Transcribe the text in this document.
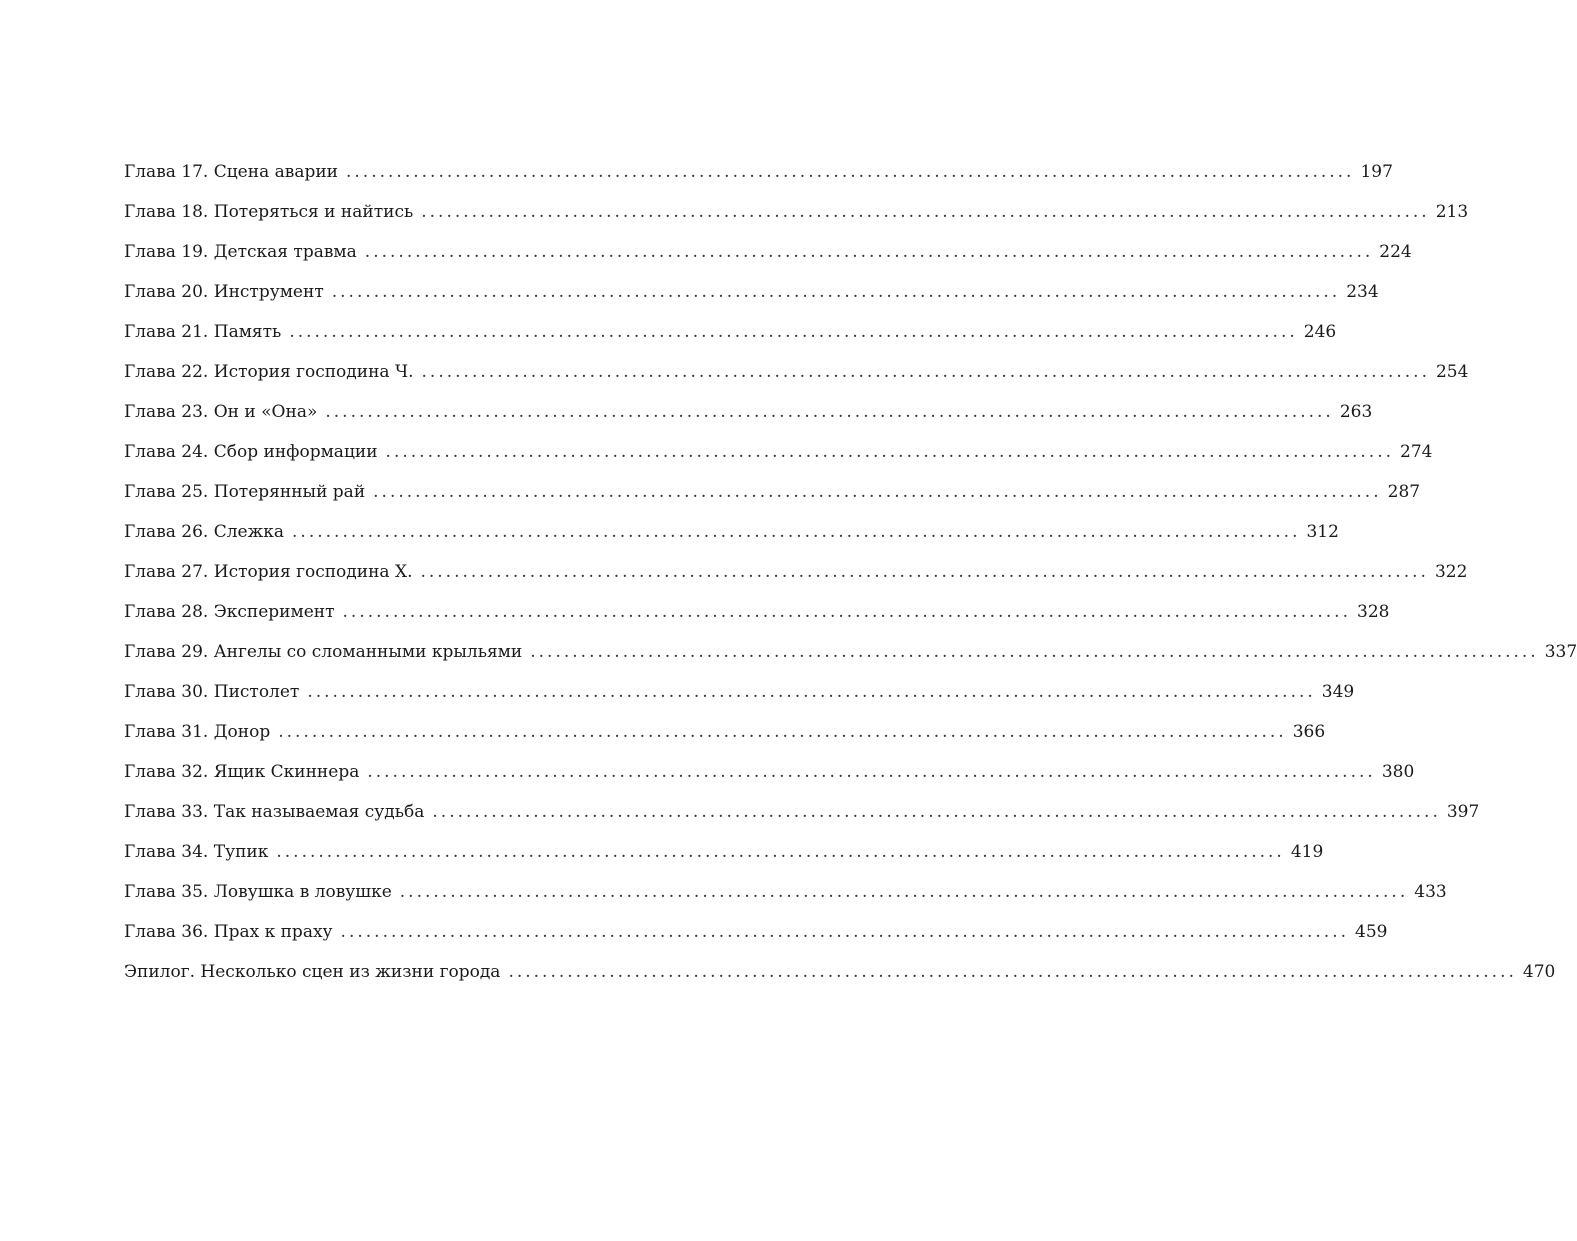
Глава 17. Сцена аварии ........................................................................................................................ 197
Глава 18. Потеряться и найтись ........................................................................................................................ 213
Глава 19. Детская травма ........................................................................................................................ 224
Глава 20. Инструмент ........................................................................................................................ 234
Глава 21. Память ........................................................................................................................ 246
Глава 22. История господина Ч. ........................................................................................................................ 254
Глава 23. Он и «Она» ........................................................................................................................ 263
Глава 24. Сбор информации ........................................................................................................................ 274
Глава 25. Потерянный рай ........................................................................................................................ 287
Глава 26. Слежка ........................................................................................................................ 312
Глава 27. История господина Х. ........................................................................................................................ 322
Глава 28. Эксперимент ........................................................................................................................ 328
Глава 29. Ангелы со сломанными крыльями ........................................................................................................................ 337
Глава 30. Пистолет ........................................................................................................................ 349
Глава 31. Донор ........................................................................................................................ 366
Глава 32. Ящик Скиннера ........................................................................................................................ 380
Глава 33. Так называемая судьба ........................................................................................................................ 397
Глава 34. Тупик ........................................................................................................................ 419
Глава 35. Ловушка в ловушке ........................................................................................................................ 433
Глава 36. Прах к праху ........................................................................................................................ 459
Эпилог. Несколько сцен из жизни города ........................................................................................................................ 470
